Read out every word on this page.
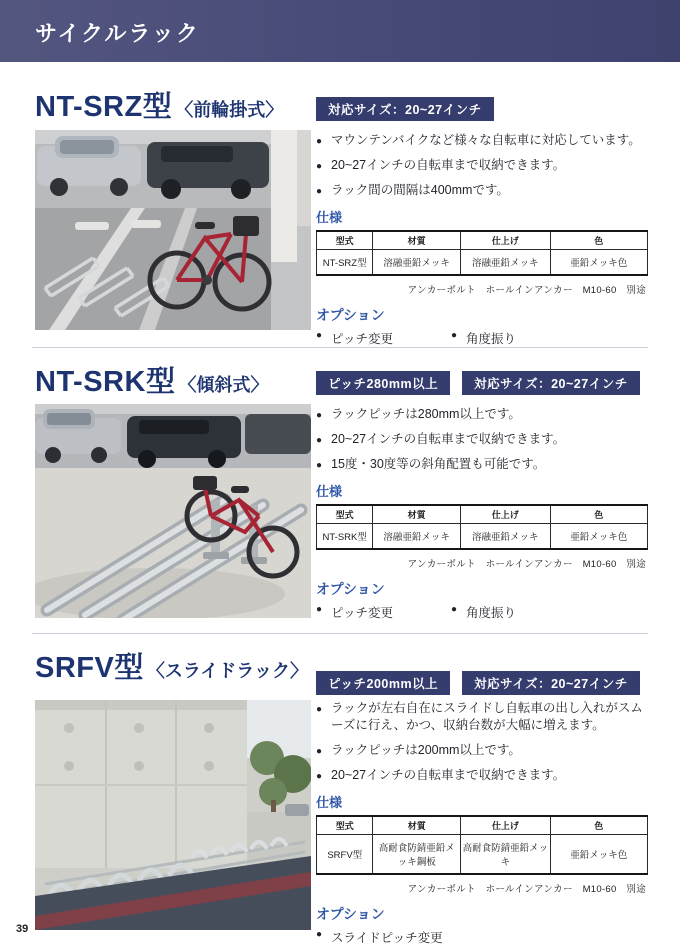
サイクルラック
NT-SRZ型 〈前輪掛式〉	対応サイズ：20~27インチ
● マウンテンバイクなど様々な自転車に対応しています。
● 20~27インチの自転車まで収納できます。
● ラック間の間隔は400mmです。
仕様
型式	材質	仕上げ	色
NT-SRZ型	溶融亜鉛メッキ	溶融亜鉛メッキ	亜鉛メッキ色
アンカーボルト　ホールインアンカー　M10-60　別途
オプション
● ピッチ変更	● 角度振り
NT-SRK型 〈傾斜式〉	ピッチ280mm以上	対応サイズ：20~27インチ
● ラックピッチは280mm以上です。
● 20~27インチの自転車まで収納できます。
● 15度・30度等の斜角配置も可能です。
仕様
型式	材質	仕上げ	色
NT-SRK型	溶融亜鉛メッキ	溶融亜鉛メッキ	亜鉛メッキ色
アンカーボルト　ホールインアンカー　M10-60　別途
オプション
● ピッチ変更	● 角度振り
SRFV型 〈スライドラック〉
ピッチ200mm以上	対応サイズ：20~27インチ
● ラックが左右自在にスライドし自転車の出し入れがスムーズに行え、かつ、収納台数が大幅に増えます。
● ラックピッチは200mm以上です。
● 20~27インチの自転車まで収納できます。
仕様
型式	材質	仕上げ	色
SRFV型	高耐食防錆亜鉛メッキ鋼板	高耐食防錆亜鉛メッキ	亜鉛メッキ色
アンカーボルト　ホールインアンカー　M10-60　別途
オプション
● スライドピッチ変更
39
